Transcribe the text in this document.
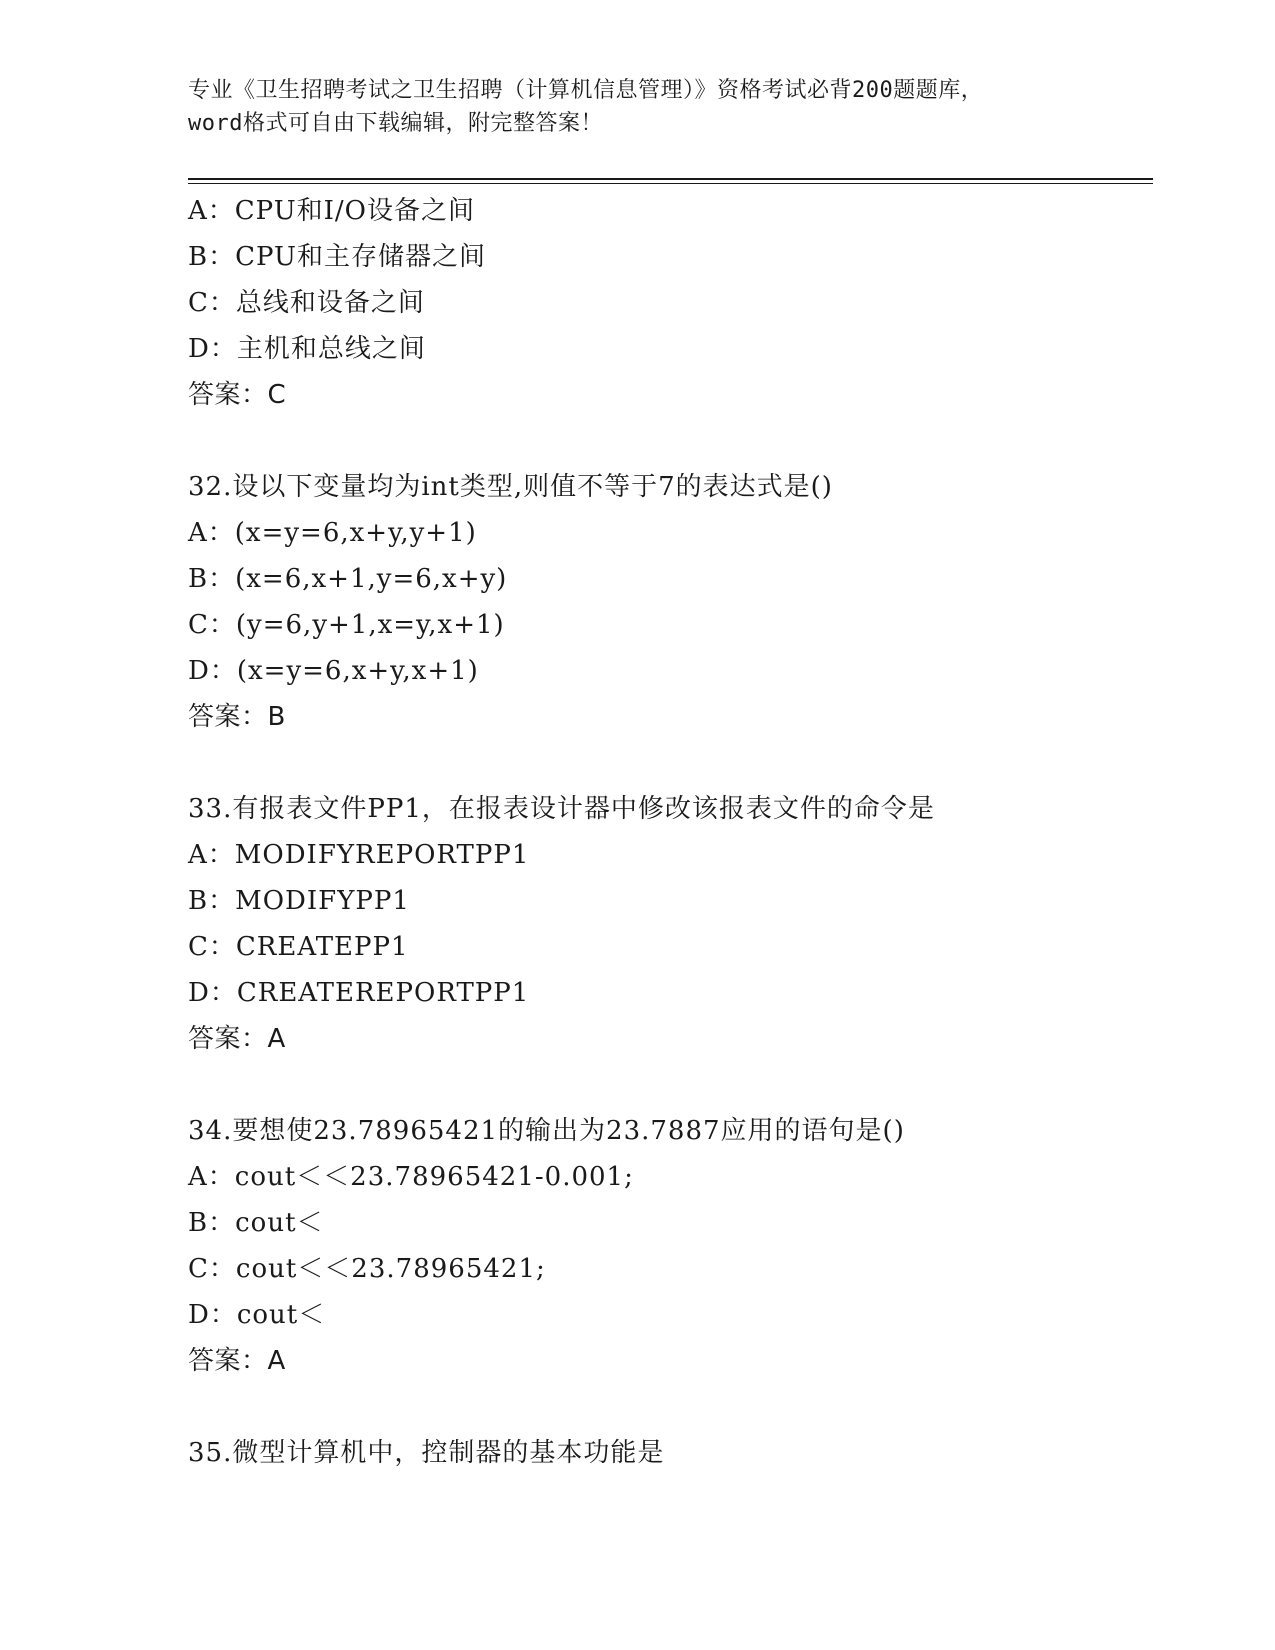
专业《卫生招聘考试之卫生招聘（计算机信息管理）》资格考试必背200题题库，
word格式可自由下载编辑，附完整答案！
A：CPU和I/O设备之间
B：CPU和主存储器之间
C：总线和设备之间
D：主机和总线之间
答案：C
32.设以下变量均为int类型,则值不等于7的表达式是()
A：(x=y=6,x+y,y+1)
B：(x=6,x+1,y=6,x+y)
C：(y=6,y+1,x=y,x+1)
D：(x=y=6,x+y,x+1)
答案：B
33.有报表文件PP1，在报表设计器中修改该报表文件的命令是
A：MODIFYREPORTPP1
B：MODIFYPP1
C：CREATEPP1
D：CREATEREPORTPP1
答案：A
34.要想使23.78965421的输出为23.7887应用的语句是()
A：cout＜＜23.78965421-0.001;
B：cout＜
C：cout＜＜23.78965421;
D：cout＜
答案：A
35.微型计算机中，控制器的基本功能是
